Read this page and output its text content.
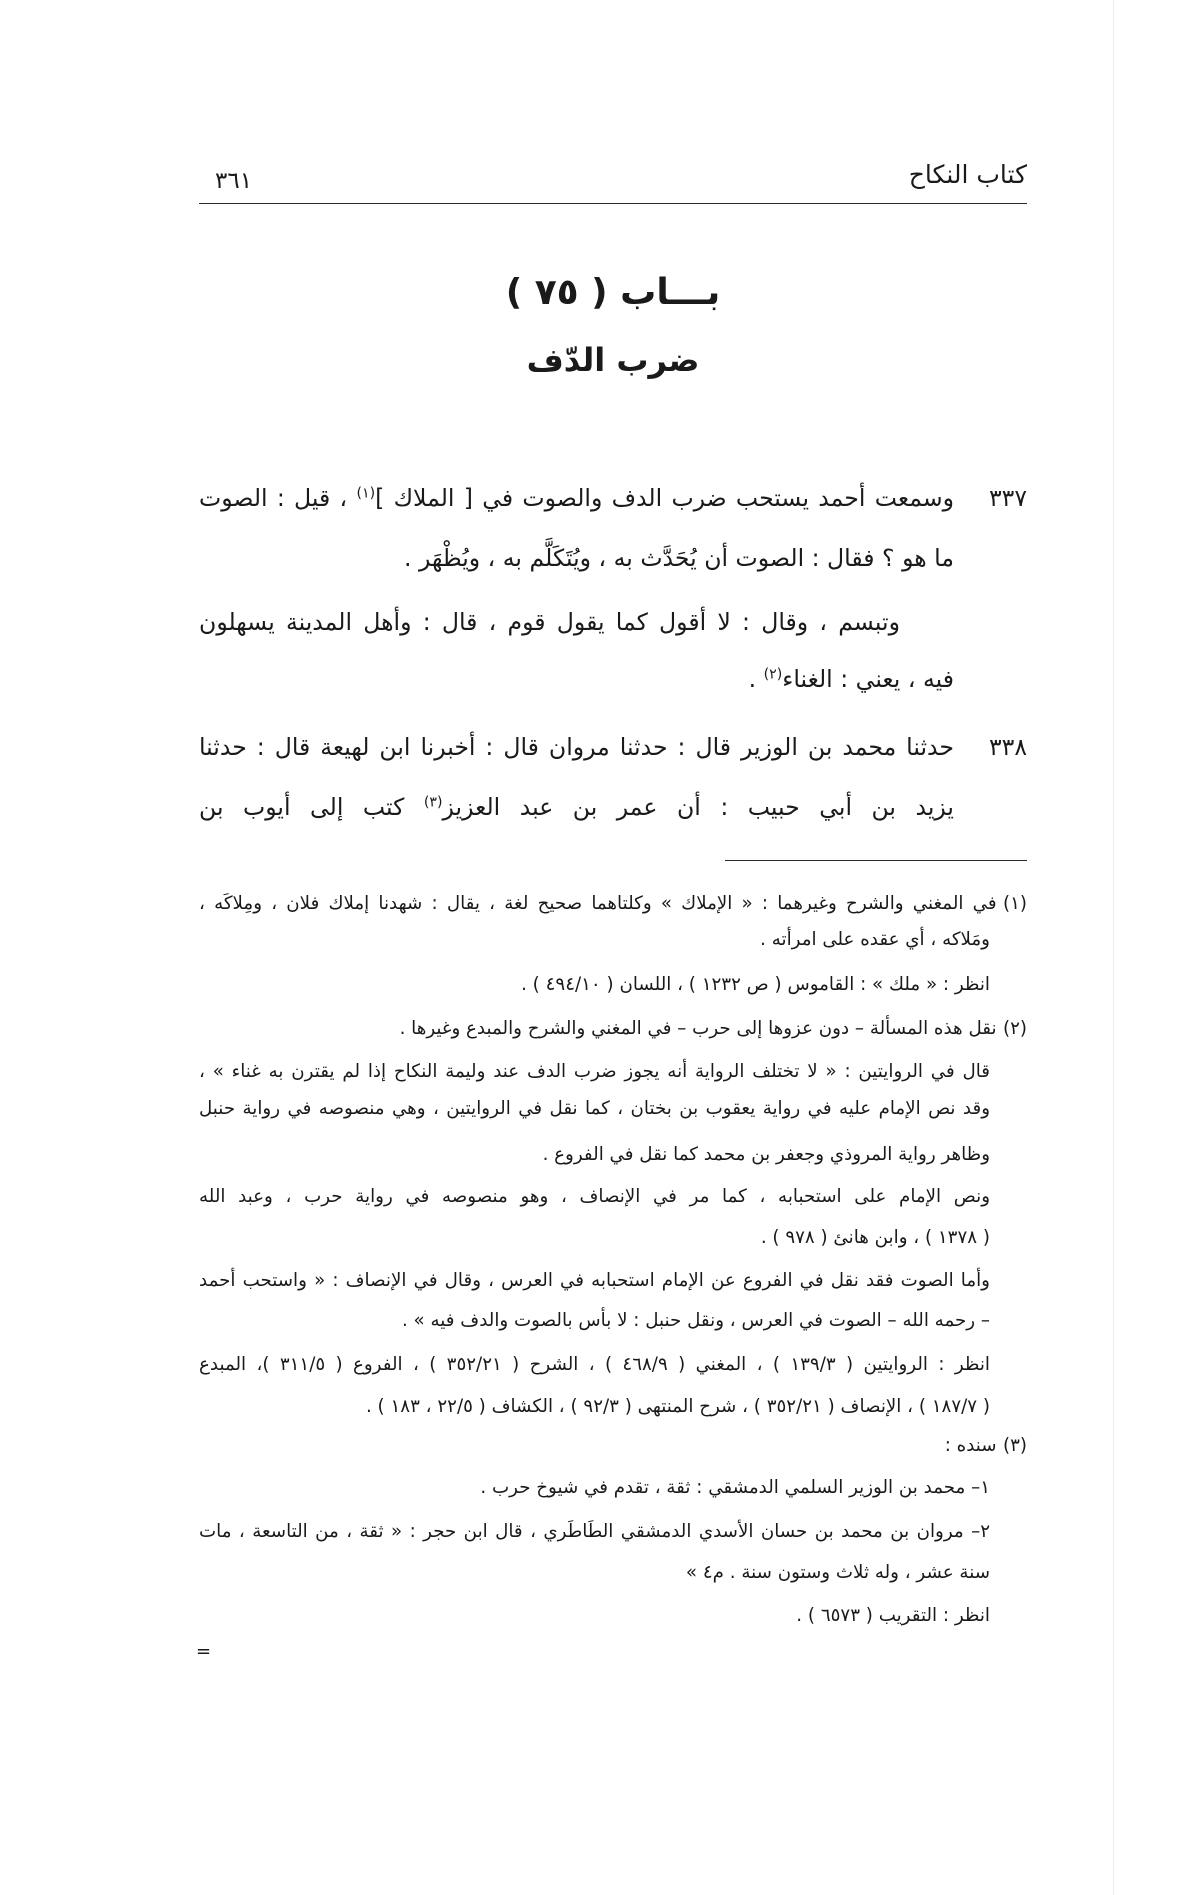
كتاب النكاح
٣٦١
بـــاب ( ٧٥ )
ضرب الدّف
٣٣٧
وسمعت أحمد يستحب ضرب الدف والصوت في [ الملاك ]$^{(١)}$ ، قيل : الصوت
ما هو ؟ فقال : الصوت أن يُحَدَّث به ، ويُتَكَلَّم به ، ويُظْهَر .
وتبسم ، وقال : لا أقول كما يقول قوم ، قال : وأهل المدينة يسهلون
فيه ، يعني : الغناء$^{(٢)}$ .
٣٣٨
حدثنا محمد بن الوزير قال : حدثنا مروان قال : أخبرنا ابن لهيعة قال : حدثنا
يزيد بن أبي حبيب : أن عمر بن عبد العزيز$^{(٣)}$ كتب إلى أيوب بن
(١)في المغني والشرح وغيرهما : « الإملاك » وكلتاهما صحيح لغة ، يقال : شهدنا إملاك فلان ، ومِلاكَه ،
ومَلاكه ، أي عقده على امرأته .
انظر : « ملك » : القاموس ( ص ١٢٣٢ ) ، اللسان ( ٤٩٤/١٠ ) .
(٢)نقل هذه المسألة – دون عزوها إلى حرب – في المغني والشرح والمبدع وغيرها .
قال في الروايتين : « لا تختلف الرواية أنه يجوز ضرب الدف عند وليمة النكاح إذا لم يقترن به غناء » ،
وقد نص الإمام عليه في رواية يعقوب بن بختان ، كما نقل في الروايتين ، وهي منصوصه في رواية حنبل
وظاهر رواية المروذي وجعفر بن محمد كما نقل في الفروع .
ونص الإمام على استحبابه ، كما مر في الإنصاف ، وهو منصوصه في رواية حرب ، وعبد الله
( ١٣٧٨ ) ، وابن هانئ ( ٩٧٨ ) .
وأما الصوت فقد نقل في الفروع عن الإمام استحبابه في العرس ، وقال في الإنصاف : « واستحب أحمد
– رحمه الله – الصوت في العرس ، ونقل حنبل : لا بأس بالصوت والدف فيه » .
انظر : الروايتين ( ١٣٩/٣ ) ، المغني ( ٤٦٨/٩ ) ، الشرح ( ٣٥٢/٢١ ) ، الفروع ( ٣١١/٥ )، المبدع
( ١٨٧/٧ ) ، الإنصاف ( ٣٥٢/٢١ ) ، شرح المنتهى ( ٩٢/٣ ) ، الكشاف ( ٢٢/٥ ، ١٨٣ ) .
(٣)سنده :
١– محمد بن الوزير السلمي الدمشقي : ثقة ، تقدم في شيوخ حرب .
٢– مروان بن محمد بن حسان الأسدي الدمشقي الطَاطَري ، قال ابن حجر : « ثقة ، من التاسعة ، مات
سنة عشر ، وله ثلاث وستون سنة . م٤ »
انظر : التقريب ( ٦٥٧٣ ) .
=
